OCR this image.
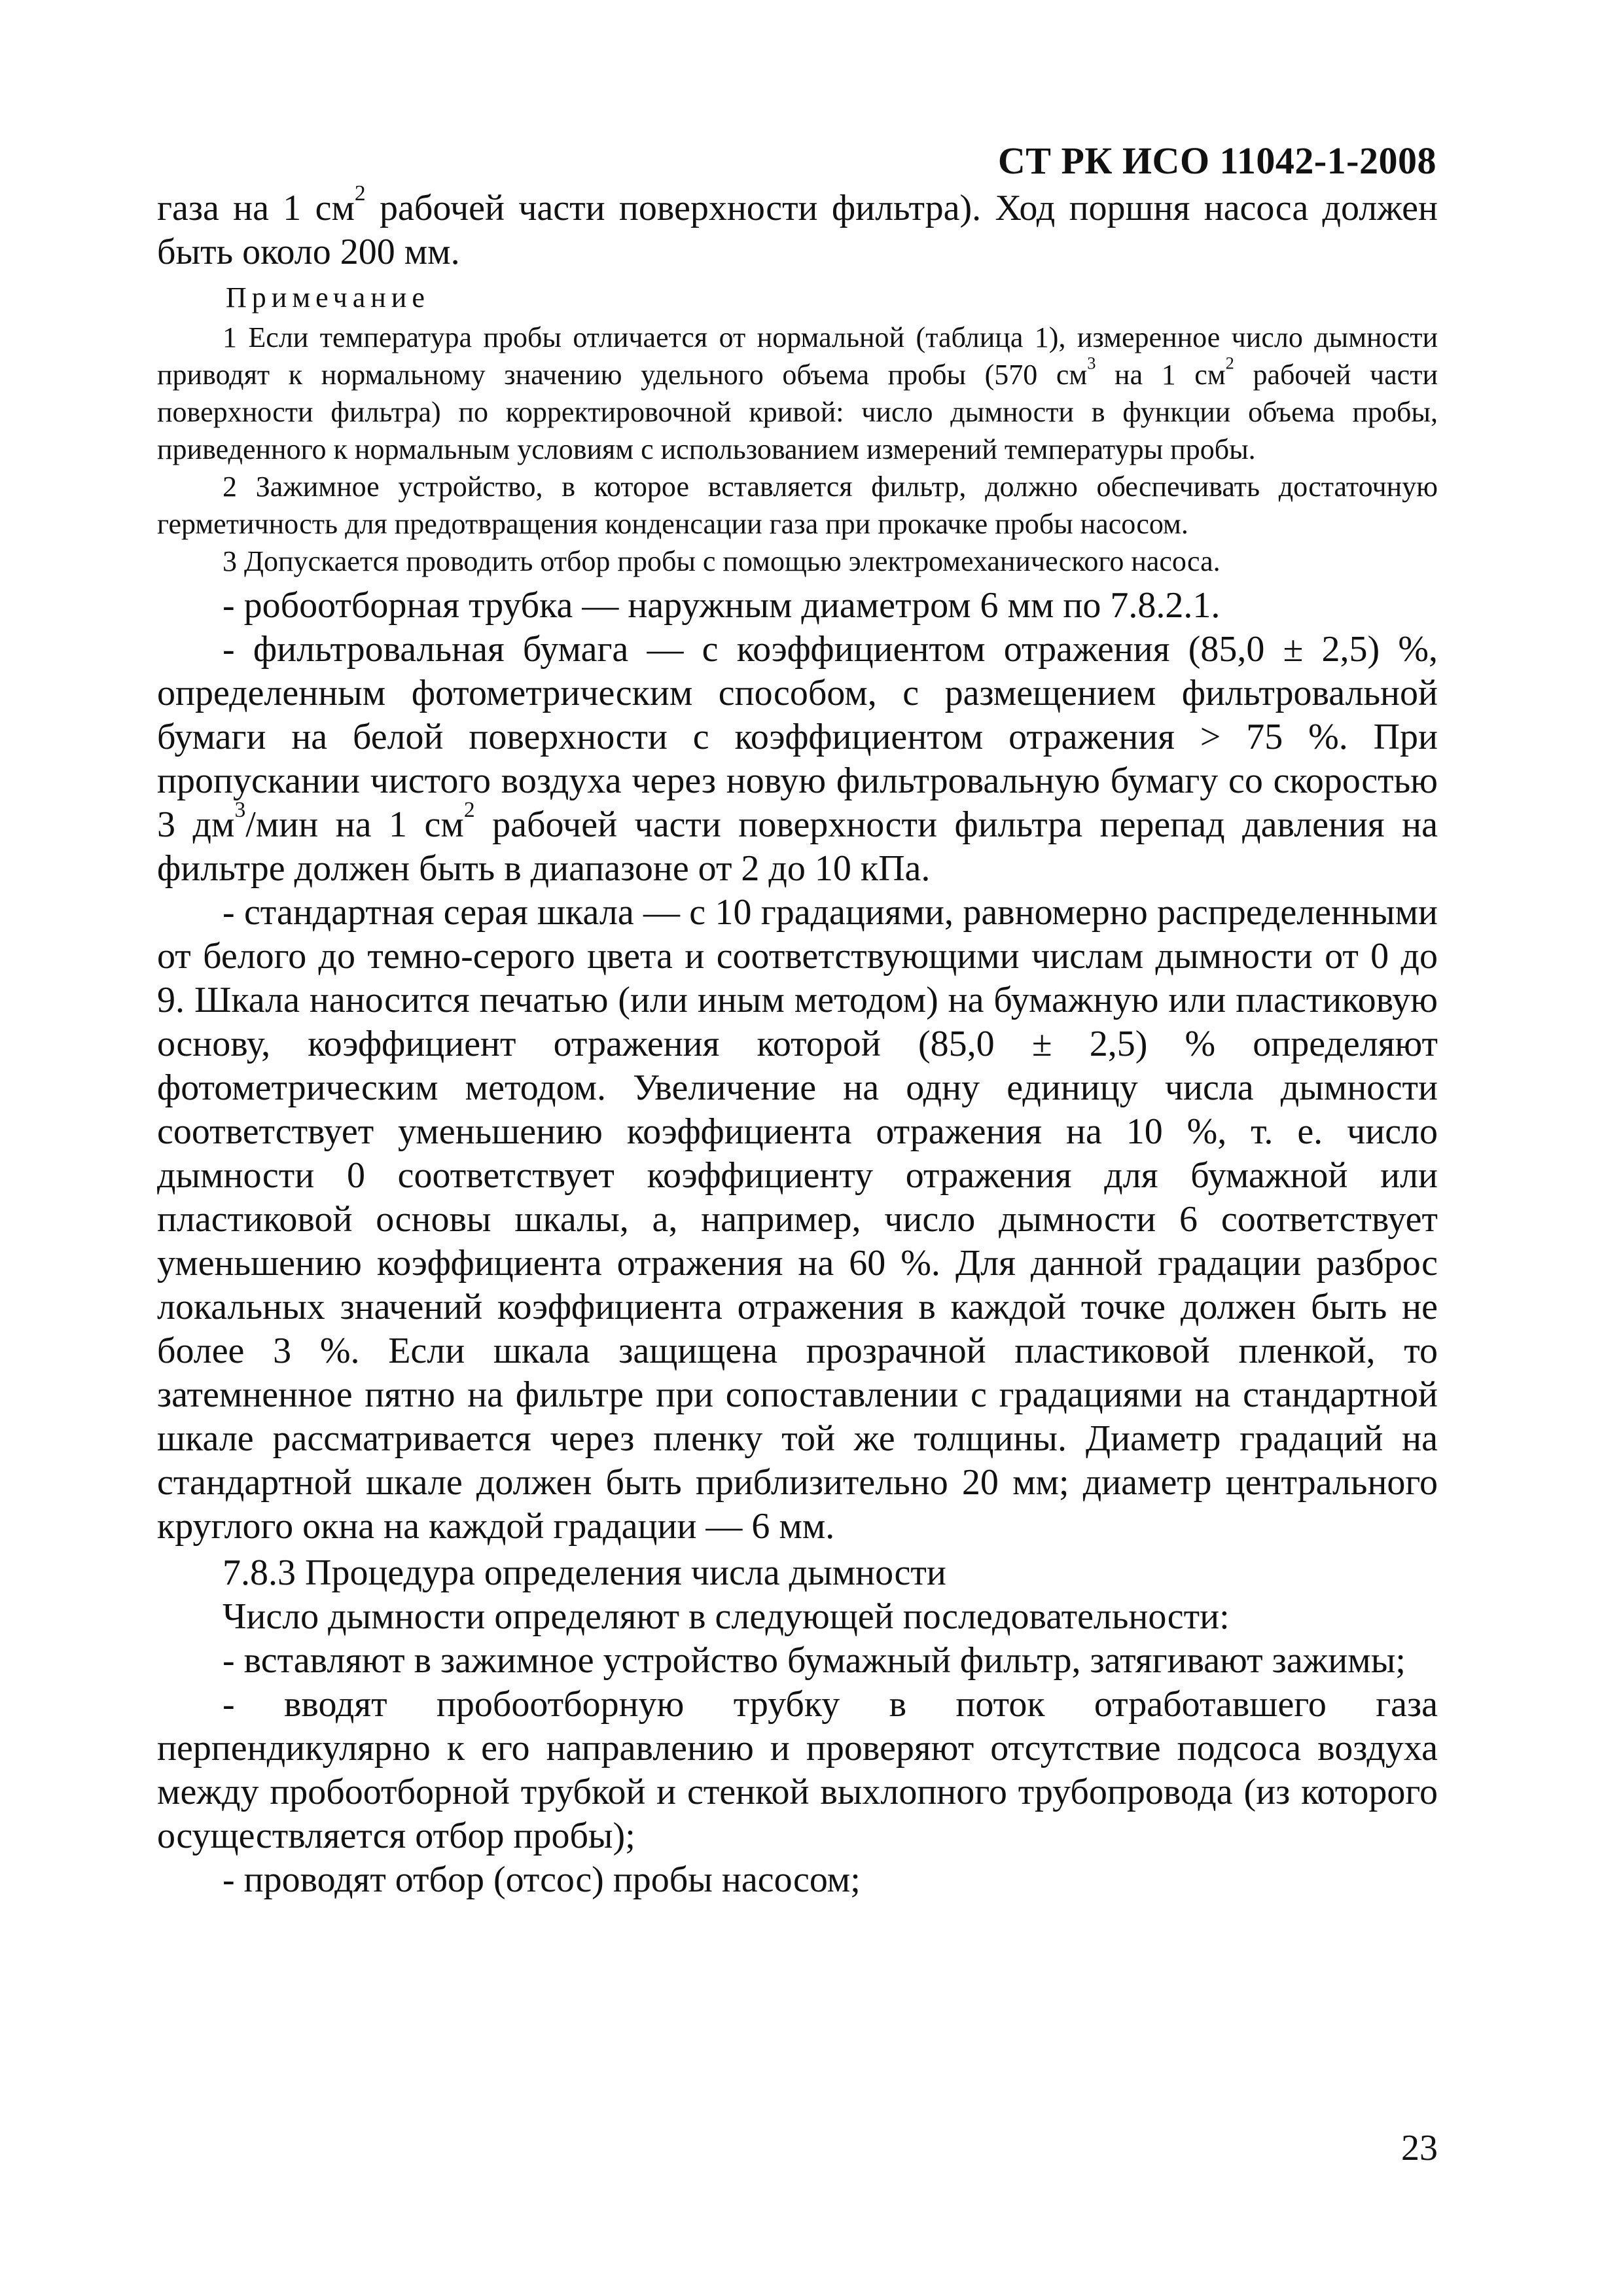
СТ РК ИСО 11042-1-2008

газа на 1 $см^2$ рабочей части поверхности фильтра). Ход поршня насоса должен быть около 200 мм.

Примечание

1 Если температура пробы отличается от нормальной (таблица 1), измеренное число дымности приводят к нормальному значению удельного объема пробы (570 $см^3$ на 1 $см^2$ рабочей части поверхности фильтра) по корректировочной кривой: число дымности в функции объема пробы, приведенного к нормальным условиям с использованием измерений температуры пробы.

2 Зажимное устройство, в которое вставляется фильтр, должно обеспечивать достаточную герметичность для предотвращения конденсации газа при прокачке пробы насосом.

3 Допускается проводить отбор пробы с помощью электромеханического насоса.

- робоотборная трубка — наружным диаметром 6 мм по 7.8.2.1.

- фильтровальная бумага — с коэффициентом отражения (85,0 ± 2,5) %, определенным фотометрическим способом, с размещением фильтровальной бумаги на белой поверхности с коэффициентом отражения > 75 %. При пропускании чистого воздуха через новую фильтровальную бумагу со скоростью 3 $дм^3$/мин на 1 $см^2$ рабочей части поверхности фильтра перепад давления на фильтре должен быть в диапазоне от 2 до 10 кПа.

- стандартная серая шкала — с 10 градациями, равномерно распределенными от белого до темно-серого цвета и соответствующими числам дымности от 0 до 9. Шкала наносится печатью (или иным методом) на бумажную или пластиковую основу, коэффициент отражения которой (85,0 ± 2,5) % определяют фотометрическим методом. Увеличение на одну единицу числа дымности соответствует уменьшению коэффициента отражения на 10 %, т. е. число дымности 0 соответствует коэффициенту отражения для бумажной или пластиковой основы шкалы, а, например, число дымности 6 соответствует уменьшению коэффициента отражения на 60 %. Для данной градации разброс локальных значений коэффициента отражения в каждой точке должен быть не более 3 %. Если шкала защищена прозрачной пластиковой пленкой, то затемненное пятно на фильтре при сопоставлении с градациями на стандартной шкале рассматривается через пленку той же толщины. Диаметр градаций на стандартной шкале должен быть приблизительно 20 мм; диаметр центрального круглого окна на каждой градации — 6 мм.

7.8.3 Процедура определения числа дымности

Число дымности определяют в следующей последовательности:

- вставляют в зажимное устройство бумажный фильтр, затягивают зажимы;

- вводят пробоотборную трубку в поток отработавшего газа перпендикулярно к его направлению и проверяют отсутствие подсоса воздуха между пробоотборной трубкой и стенкой выхлопного трубопровода (из которого осуществляется отбор пробы);

- проводят отбор (отсос) пробы насосом;

23
